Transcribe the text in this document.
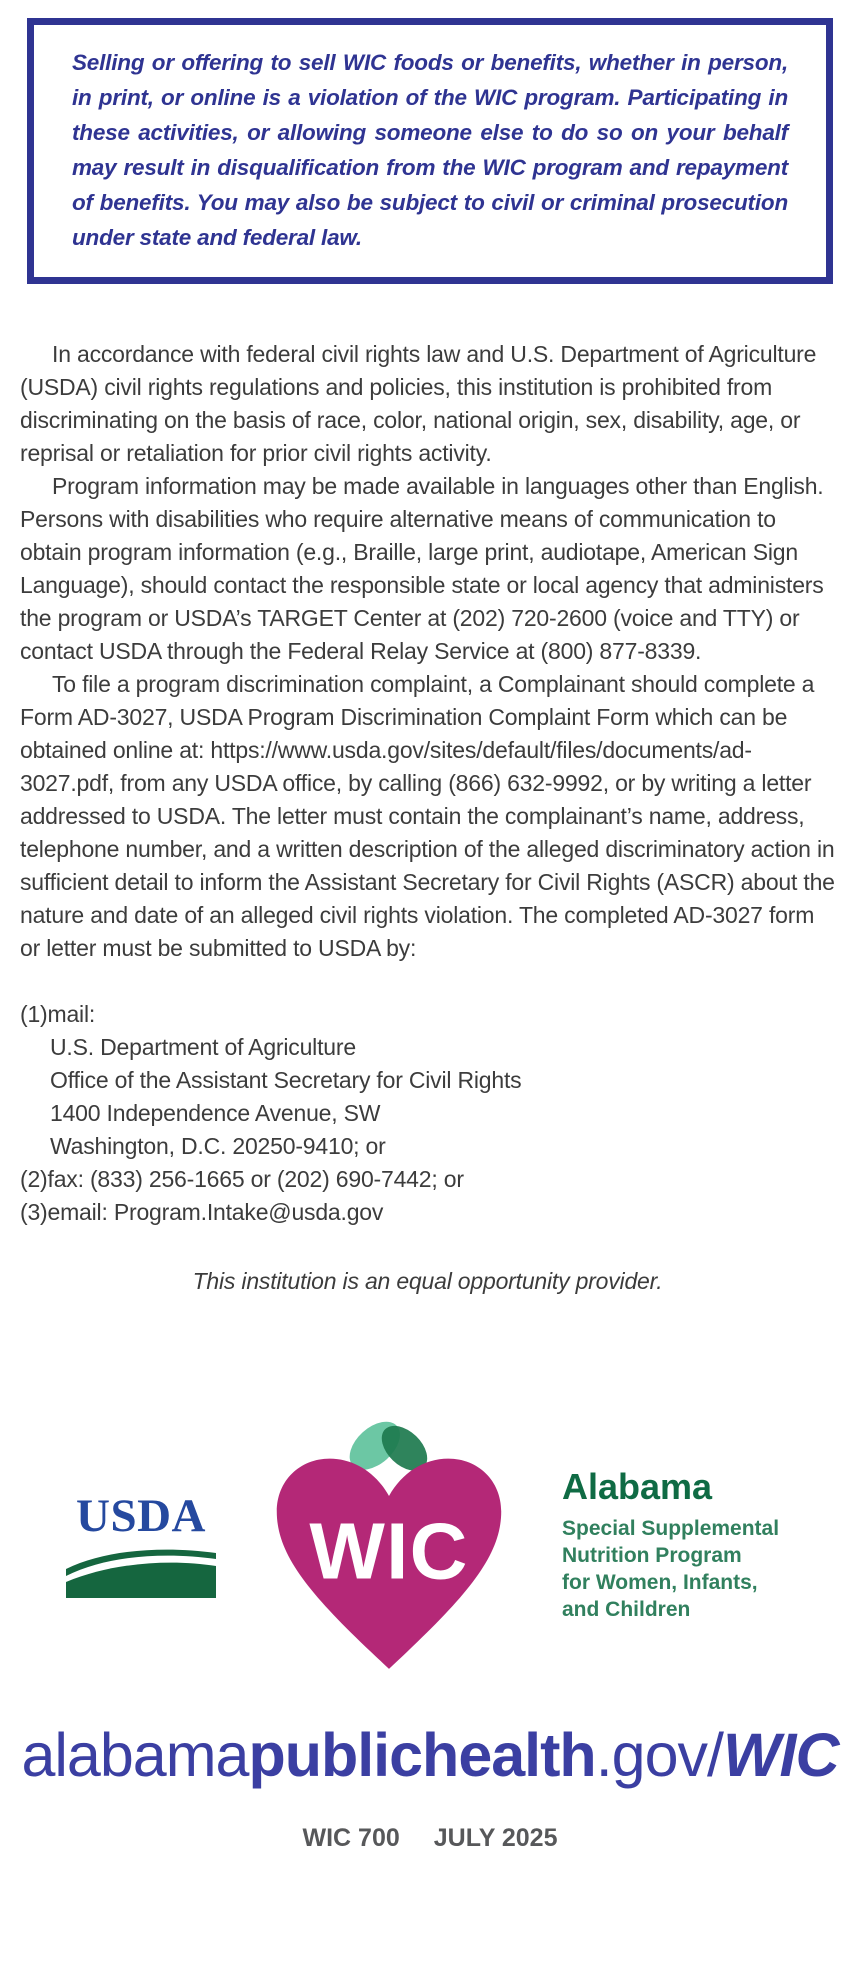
Selling or offering to sell WIC foods or benefits, whether in person, in print, or online is a violation of the WIC program. Participating in these activities, or allowing someone else to do so on your behalf may result in disqualification from the WIC program and repayment of benefits. You may also be subject to civil or criminal prosecution under state and federal law.

In accordance with federal civil rights law and U.S. Department of Agriculture (USDA) civil rights regulations and policies, this institution is prohibited from discriminating on the basis of race, color, national origin, sex, disability, age, or reprisal or retaliation for prior civil rights activity.

Program information may be made available in languages other than English. Persons with disabilities who require alternative means of communication to obtain program information (e.g., Braille, large print, audiotape, American Sign Language), should contact the responsible state or local agency that administers the program or USDA’s TARGET Center at (202) 720-2600 (voice and TTY) or contact USDA through the Federal Relay Service at (800) 877-8339.

To file a program discrimination complaint, a Complainant should complete a Form AD-3027, USDA Program Discrimination Complaint Form which can be obtained online at: https://www.usda.gov/sites/default/files/documents/ad-3027.pdf, from any USDA office, by calling (866) 632-9992, or by writing a letter addressed to USDA. The letter must contain the complainant’s name, address, telephone number, and a written description of the alleged discriminatory action in sufficient detail to inform the Assistant Secretary for Civil Rights (ASCR) about the nature and date of an alleged civil rights violation. The completed AD-3027 form or letter must be submitted to USDA by:

(1)mail:
U.S. Department of Agriculture
Office of the Assistant Secretary for Civil Rights
1400 Independence Avenue, SW
Washington, D.C. 20250-9410; or
(2)fax: (833) 256-1665 or (202) 690-7442; or
(3)email: Program.Intake@usda.gov

This institution is an equal opportunity provider.

USDA	WIC
Alabama
Special Supplemental
Nutrition Program
for Women, Infants,
and Children
alabamapublichealth.gov/WIC
WIC 700 JULY 2025
